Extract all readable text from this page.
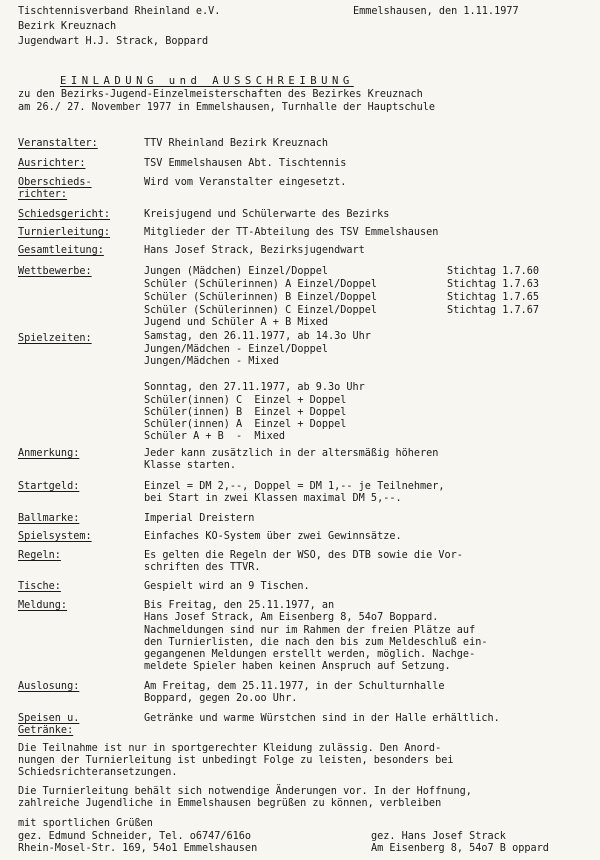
Tischtennisverband Rheinland e.V.
Bezirk Kreuznach
Jugendwart H.J. Strack, Boppard
Emmelshausen, den 1.11.1977
EINLADUNG und AUSSCHREIBUNG
zu den Bezirks-Jugend-Einzelmeisterschaften des Bezirkes Kreuznach
am 26./ 27. November 1977 in Emmelshausen, Turnhalle der Hauptschule
Veranstalter:	TTV Rheinland Bezirk Kreuznach
Ausrichter:	TSV Emmelshausen Abt. Tischtennis
Oberschieds-
richter:
Wird vom Veranstalter eingesetzt.
Schiedsgericht:	Kreisjugend und Schülerwarte des Bezirks
Turnierleitung:	Mitglieder der TT-Abteilung des TSV Emmelshausen
Gesamtleitung:	Hans Josef Strack, Bezirksjugendwart
Wettbewerbe:	Jungen (Mädchen) Einzel/Doppel	Stichtag 1.7.60
Schüler (Schülerinnen) A Einzel/Doppel	Stichtag 1.7.63
Schüler (Schülerinnen) B Einzel/Doppel	Stichtag 1.7.65
Schüler (Schülerinnen) C Einzel/Doppel	Stichtag 1.7.67
Jugend und Schüler A + B Mixed
Spielzeiten:	Samstag, den 26.11.1977, ab 14.3o Uhr
Jungen/Mädchen - Einzel/Doppel
Jungen/Mädchen - Mixed
Sonntag, den 27.11.1977, ab 9.3o Uhr
Schüler(innen) C  Einzel + Doppel
Schüler(innen) B  Einzel + Doppel
Schüler(innen) A  Einzel + Doppel
Schüler A + B  -  Mixed
Anmerkung:	Jeder kann zusätzlich in der altersmäßig höheren
Klasse starten.
Startgeld:	Einzel = DM 2,--, Doppel = DM 1,-- je Teilnehmer,
bei Start in zwei Klassen maximal DM 5,--.
Ballmarke:	Imperial Dreistern
Spielsystem:	Einfaches KO-System über zwei Gewinnsätze.
Regeln:	Es gelten die Regeln der WSO, des DTB sowie die Vor-
schriften des TTVR.
Tische:	Gespielt wird an 9 Tischen.
Meldung:	Bis Freitag, den 25.11.1977, an
Hans Josef Strack, Am Eisenberg 8, 54o7 Boppard.
Nachmeldungen sind nur im Rahmen der freien Plätze auf
den Turnierlisten, die nach den bis zum Meldeschluß ein-
gegangenen Meldungen erstellt werden, möglich. Nachge-
meldete Spieler haben keinen Anspruch auf Setzung.
Auslosung:	Am Freitag, dem 25.11.1977, in der Schulturnhalle
Boppard, gegen 2o.oo Uhr.
Speisen u.
Getränke:
Getränke und warme Würstchen sind in der Halle erhältlich.
Die Teilnahme ist nur in sportgerechter Kleidung zulässig. Den Anord-
nungen der Turnierleitung ist unbedingt Folge zu leisten, besonders bei
Schiedsrichteransetzungen.
Die Turnierleitung behält sich notwendige Änderungen vor. In der Hoffnung,
zahlreiche Jugendliche in Emmelshausen begrüßen zu können, verbleiben
mit sportlichen Grüßen
gez. Edmund Schneider, Tel. o6747/616o
Rhein-Mosel-Str. 169, 54o1 Emmelshausen
gez. Hans Josef Strack
Am Eisenberg 8, 54o7 B oppard
